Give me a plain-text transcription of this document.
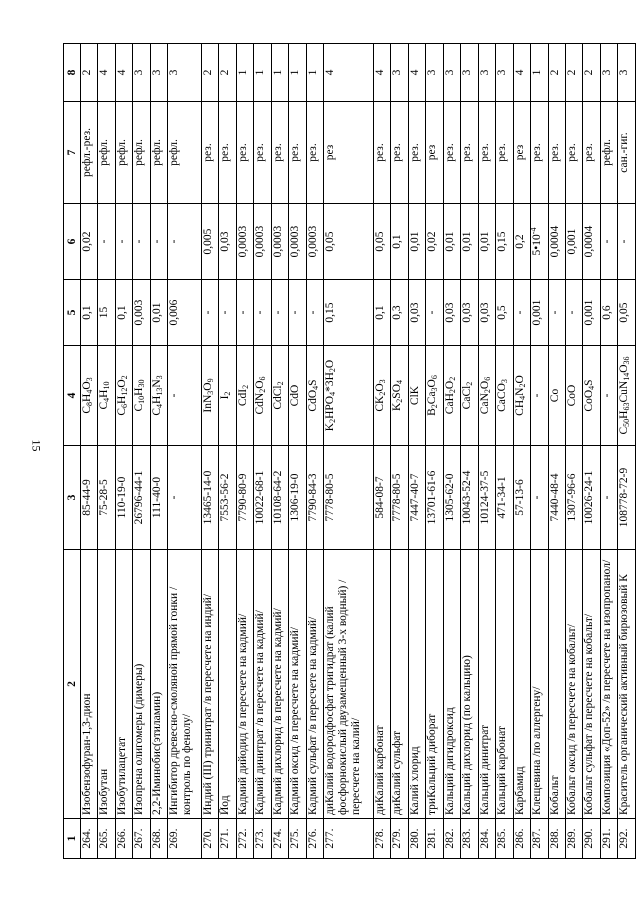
15
1	2	3	4	5	6	7	8
264.	Изобензофуран-1,3-дион	85-44-9	$C_8H_4O_3$	0,1	0,02	рефл.-рез.	2
265.	Изобутан	75-28-5	$C_4H_{10}$	15	-	рефл.	4
266.	Изобутилацетат	110-19-0	$C_6H_{12}O_2$	0,1	-	рефл.	4
267.	Изопрена олигомеры (димеры)	26796-44-1	$C_{10}H_{30}$	0,003	-	рефл.	3
268.	2,2-Иминобис(этиламин)	111-40-0	$C_4H_{13}N_3$	0,01	-	рефл.	3
269.	Ингибитор древесно-смоляной прямой гонки /контроль по фенолу/	-	-	0,006	-	рефл.	3
270.	Индий (III) тринитрат /в пересчете на индий/	13465-14-0	$InN_3O_9$	-	0,005	рез.	2
271.	Йод	7553-56-2	$I_2$	-	0,03	рез.	2
272.	Кадмий дийодид /в пересчете на кадмий/	7790-80-9	CdI$_2$	-	0,0003	рез.	1
273.	Кадмий динитрат /в пересчете на кадмий/	10022-68-1	$CdN_2O_6$	-	0,0003	рез.	1
274.	Кадмий дихлорид /в пересчете на кадмий/	10108-64-2	CdCl$_2$	-	0,0003	рез.	1
275.	Кадмий оксид /в пересчете на кадмий/	1306-19-0	CdO	-	0,0003	рез.	1
276.	Кадмий сульфат /в пересчете на кадмий/	7790-84-3	CdO$_4$S	-	0,0003	рез.	1
277.	диКалий водородфосфат тригидрат (калий фосфорнокислый двузамещенный 3-х водный) / пересчете на калий/	7778-80-5	$K_2HPO_4*3H_2O$	0,15	0,05	рез	4
278.	диКалий карбонат	584-08-7	$CK_2O_3$	0,1	0,05	рез.	4
279.	диКалий сульфат	7778-80-5	$K_2SO_4$	0,3	0,1	рез.	3
280.	Калий хлорид	7447-40-7	ClK	0,03	0,01	рез.	4
281.	триКальций диборат	13701-61-6	$B_2Ca_3O_6$	-	0,02	рез	3
282.	Кальций дигидроксид	1305-62-0	$CaH_2O_2$	0,03	0,01	рез.	3
283.	Кальций дихлорид (по кальцию)	10043-52-4	CaCl$_2$	0,03	0,01	рез.	3
284.	Кальций динитрат	10124-37-5	$CaN_2O_6$	0,03	0,01	рез.	3
285.	Кальций карбонат	471-34-1	CaCO$_3$	0,5	0,15	рез.	3
286.	Карбамид	57-13-6	$CH_4N_2O$	-	0,2	рез	4
287.	Клещевина /по аллергену/	-	-	0,001	$5•10^{-4}$	рез.	1
288.	Кобальт	7440-48-4	Co	-	0,0004	рез.	2
289.	Кобальт оксид /в пересчете на кобальт/	1307-96-6	CoO	-	0,001	рез.	2
290.	Кобальт сульфат /в пересчете на кобальт/	10026-24-1	CoO$_4$S	0,001	0,0004	рез.	2
291.	Композиция «Доп-52» /в пересчете на изопропанол/	-	-	0,6	-	рефл.	3
292.	Краситель органический активный бирюзовый К	108778-72-9	$C_{50}H_{63}CuN_{14}O_{36}$	0,05	-	сан.-гиг.	3
